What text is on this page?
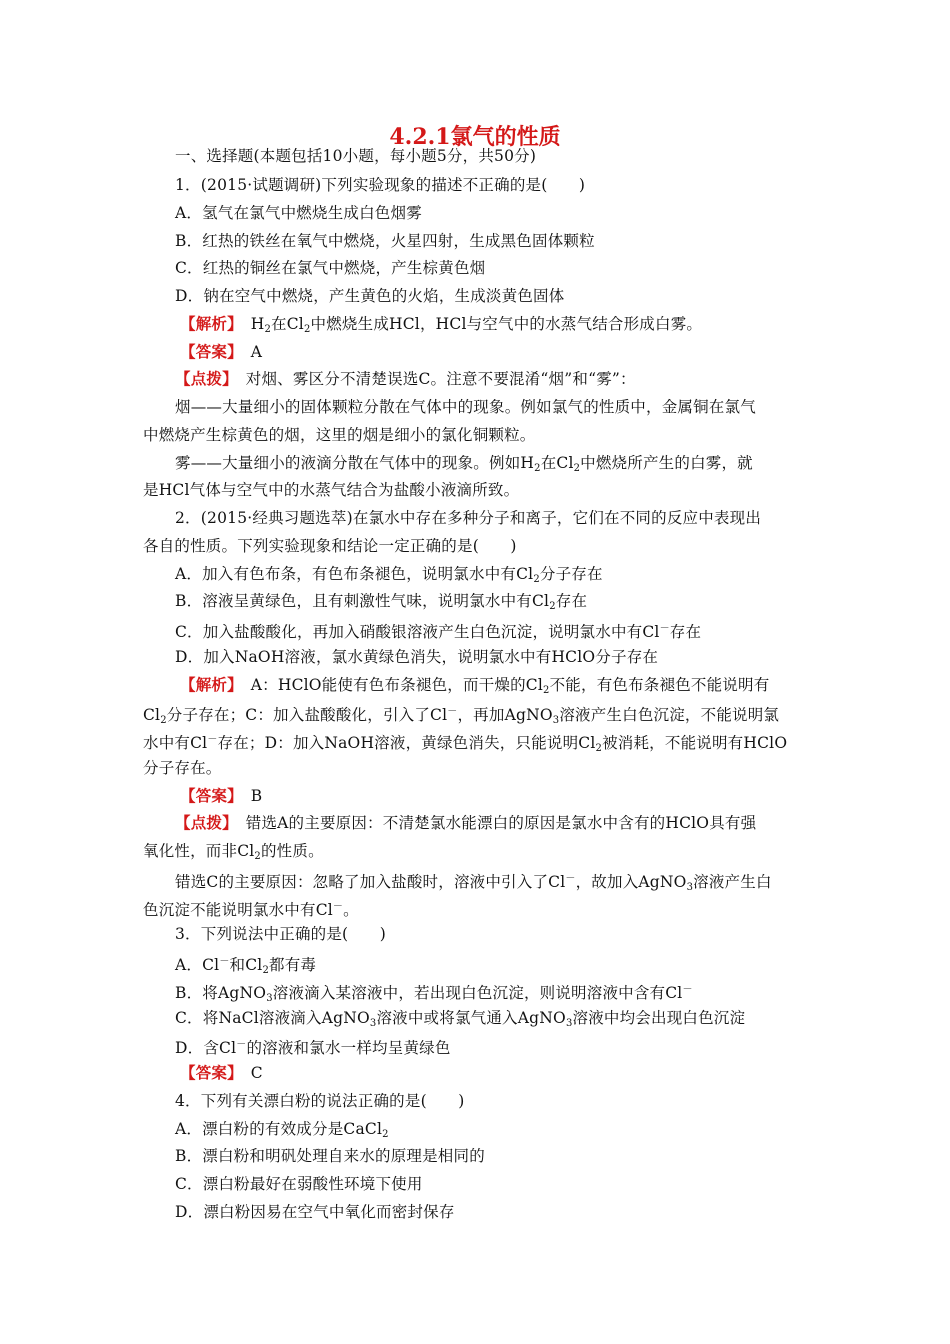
4.2.1氯气的性质
一、选择题(本题包括10小题，每小题5分，共50分)
1．(2015·试题调研)下列实验现象的描述不正确的是(　　)
A．氢气在氯气中燃烧生成白色烟雾
B．红热的铁丝在氧气中燃烧，火星四射，生成黑色固体颗粒
C．红热的铜丝在氯气中燃烧，产生棕黄色烟
D．钠在空气中燃烧，产生黄色的火焰，生成淡黄色固体
【解析】　 $H_2$在$Cl_2$中燃烧生成HCl，HCl与空气中的水蒸气结合形成白雾。
【答案】　 A
【点拨】　 对烟、雾区分不清楚误选C。注意不要混淆“烟”和“雾”：
烟——大量细小的固体颗粒分散在气体中的现象。例如氯气的性质中，金属铜在氯气
中燃烧产生棕黄色的烟，这里的烟是细小的氯化铜颗粒。
雾——大量细小的液滴分散在气体中的现象。例如$H_2$在$Cl_2$中燃烧所产生的白雾，就
是HCl气体与空气中的水蒸气结合为盐酸小液滴所致。
2．(2015·经典习题选萃)在氯水中存在多种分子和离子，它们在不同的反应中表现出
各自的性质。下列实验现象和结论一定正确的是(　　)
A．加入有色布条，有色布条褪色，说明氯水中有$Cl_2$分子存在
B．溶液呈黄绿色，且有刺激性气味，说明氯水中有$Cl_2$存在
C．加入盐酸酸化，再加入硝酸银溶液产生白色沉淀，说明氯水中有Cl－存在
D．加入NaOH溶液，氯水黄绿色消失，说明氯水中有HClO分子存在
【解析】　 A：HClO能使有色布条褪色，而干燥的$Cl_2$不能，有色布条褪色不能说明有
$Cl_2$分子存在；C：加入盐酸酸化，引入了Cl－，再加AgNO$_3$溶液产生白色沉淀，不能说明氯
水中有Cl－存在；D：加入NaOH溶液，黄绿色消失，只能说明$Cl_2$被消耗，不能说明有HClO
分子存在。
【答案】　 B
【点拨】　 错选A的主要原因：不清楚氯水能漂白的原因是氯水中含有的HClO具有强
氧化性，而非$Cl_2$的性质。
错选C的主要原因：忽略了加入盐酸时，溶液中引入了Cl－，故加入AgNO$_3$溶液产生白
色沉淀不能说明氯水中有Cl－。
3．下列说法中正确的是(　　)
A．Cl－和$Cl_2$都有毒
B．将AgNO$_3$溶液滴入某溶液中，若出现白色沉淀，则说明溶液中含有Cl－
C．将NaCl溶液滴入AgNO$_3$溶液中或将氯气通入AgNO$_3$溶液中均会出现白色沉淀
D．含Cl－的溶液和氯水一样均呈黄绿色
【答案】　 C
4．下列有关漂白粉的说法正确的是(　　)
A．漂白粉的有效成分是CaCl$_2$
B．漂白粉和明矾处理自来水的原理是相同的
C．漂白粉最好在弱酸性环境下使用
D．漂白粉因易在空气中氧化而密封保存
